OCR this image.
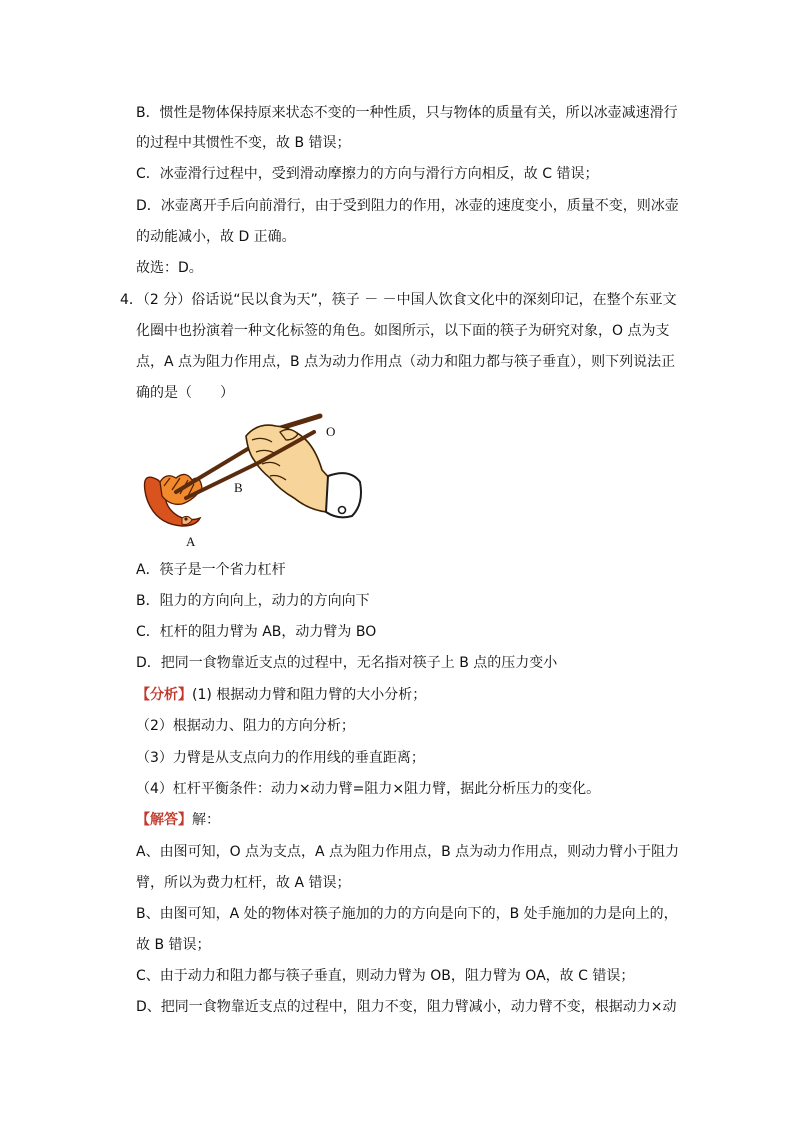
B．惯性是物体保持原来状态不变的一种性质，只与物体的质量有关，所以冰壶减速滑行
的过程中其惯性不变，故 B 错误；
C．冰壶滑行过程中，受到滑动摩擦力的方向与滑行方向相反，故 C 错误；
D．冰壶离开手后向前滑行，由于受到阻力的作用，冰壶的速度变小，质量不变，则冰壶
的动能减小，故 D 正确。
故选：D。
4．（2 分）俗话说“民以食为天”，筷子 － －中国人饮食文化中的深刻印记，在整个东亚文
化圈中也扮演着一种文化标签的角色。如图所示，以下面的筷子为研究对象，O 点为支
点，A 点为阻力作用点，B 点为动力作用点（动力和阻力都与筷子垂直），则下列说法正
确的是（　　）
O
B
A
A．筷子是一个省力杠杆
B．阻力的方向向上，动力的方向向下
C．杠杆的阻力臂为 AB，动力臂为 BO
D．把同一食物靠近支点的过程中，无名指对筷子上 B 点的压力变小
【分析】(1) 根据动力臂和阻力臂的大小分析；
（2）根据动力、阻力的方向分析；
（3）力臂是从支点向力的作用线的垂直距离；
（4）杠杆平衡条件：动力×动力臂=阻力×阻力臂，据此分析压力的变化。
【解答】解：
A、由图可知，O 点为支点，A 点为阻力作用点，B 点为动力作用点，则动力臂小于阻力
臂，所以为费力杠杆，故 A 错误；
B、由图可知，A 处的物体对筷子施加的力的方向是向下的，B 处手施加的力是向上的，
故 B 错误；
C、由于动力和阻力都与筷子垂直，则动力臂为 OB，阻力臂为 OA，故 C 错误；
D、把同一食物靠近支点的过程中，阻力不变，阻力臂减小，动力臂不变，根据动力×动
